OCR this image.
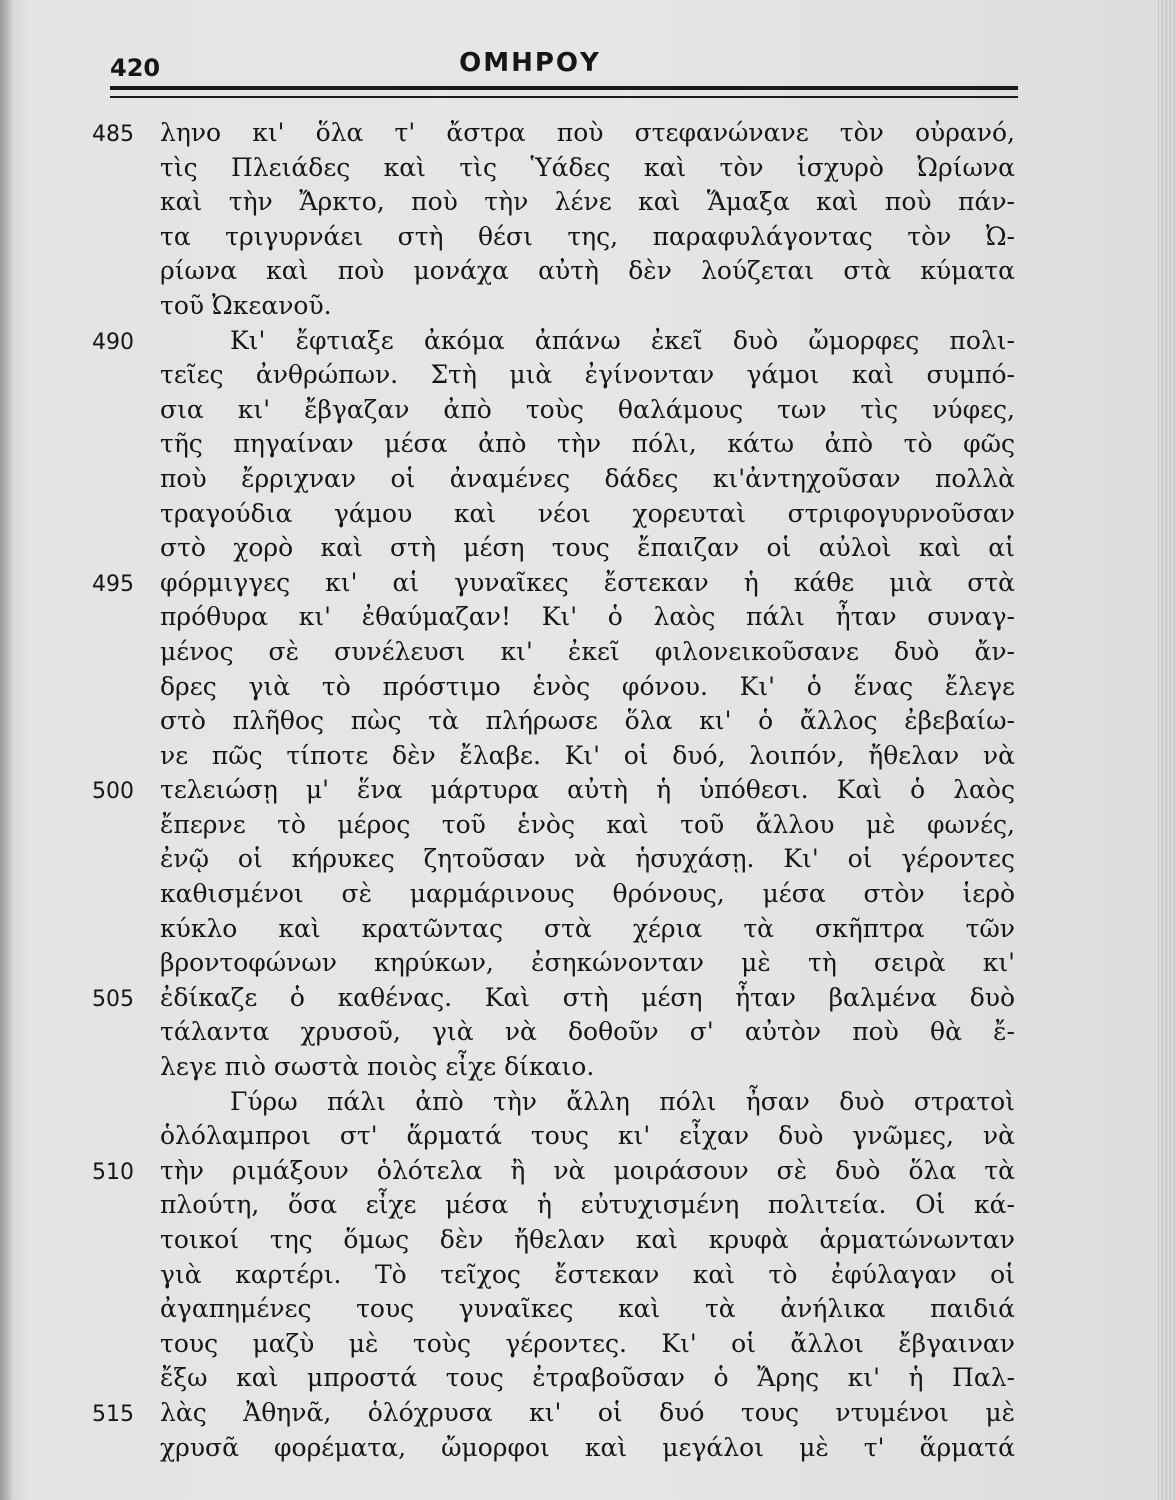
420	ΟΜΗΡΟΥ
485	ληνο κι' ὅλα τ' ἄστρα ποὺ στεφανώνανε τὸν οὐρανό,
τὶς Πλειάδες καὶ τὶς Ὑάδες καὶ τὸν ἰσχυρὸ Ὠρίωνα
καὶ τὴν Ἄρκτο, ποὺ τὴν λένε καὶ Ἅμαξα καὶ ποὺ πάν-
τα τριγυρνάει στὴ θέσι της, παραφυλάγοντας τὸν Ὠ-
ρίωνα καὶ ποὺ μονάχα αὐτὴ δὲν λούζεται στὰ κύματα
τοῦ Ὠκεανοῦ.
490	Κι' ἔφτιαξε ἀκόμα ἀπάνω ἐκεῖ δυὸ ὤμορφες πολι-
τεῖες ἀνθρώπων. Στὴ μιὰ ἐγίνονταν γάμοι καὶ συμπό-
σια κι' ἔβγαζαν ἀπὸ τοὺς θαλάμους των τὶς νύφες,
τῆς πηγαίναν μέσα ἀπὸ τὴν πόλι, κάτω ἀπὸ τὸ φῶς
ποὺ ἔρριχναν οἱ ἀναμένες δάδες κι'ἀντηχοῦσαν πολλὰ
τραγούδια γάμου καὶ νέοι χορευταὶ στριφογυρνοῦσαν
στὸ χορὸ καὶ στὴ μέση τους ἔπαιζαν οἱ αὐλοὶ καὶ αἱ
495	φόρμιγγες κι' αἱ γυναῖκες ἔστεκαν ἡ κάθε μιὰ στὰ
πρόθυρα κι' ἐθαύμαζαν! Κι' ὁ λαὸς πάλι ἦταν συναγ-
μένος σὲ συνέλευσι κι' ἐκεῖ φιλονεικοῦσανε δυὸ ἄν-
δρες γιὰ τὸ πρόστιμο ἑνὸς φόνου. Κι' ὁ ἕνας ἔλεγε
στὸ πλῆθος πὼς τὰ πλήρωσε ὅλα κι' ὁ ἄλλος ἐβεβαίω-
νε πῶς τίποτε δὲν ἔλαβε. Κι' οἱ δυό, λοιπόν, ἤθελαν νὰ
500	τελειώσῃ μ' ἕνα μάρτυρα αὐτὴ ἡ ὑπόθεσι. Καὶ ὁ λαὸς
ἔπερνε τὸ μέρος τοῦ ἑνὸς καὶ τοῦ ἄλλου μὲ φωνές,
ἐνῷ οἱ κήρυκες ζητοῦσαν νὰ ἡσυχάσῃ. Κι' οἱ γέροντες
καθισμένοι σὲ μαρμάρινους θρόνους, μέσα στὸν ἱερὸ
κύκλο καὶ κρατῶντας στὰ χέρια τὰ σκῆπτρα τῶν
βροντοφώνων κηρύκων, ἐσηκώνονταν μὲ τὴ σειρὰ κι'
505	ἐδίκαζε ὁ καθένας. Καὶ στὴ μέση ἦταν βαλμένα δυὸ
τάλαντα χρυσοῦ, γιὰ νὰ δοθοῦν σ' αὐτὸν ποὺ θὰ ἔ-
λεγε πιὸ σωστὰ ποιὸς εἶχε δίκαιο.
Γύρω πάλι ἀπὸ τὴν ἄλλη πόλι ἦσαν δυὸ στρατοὶ
ὁλόλαμπροι στ' ἅρματά τους κι' εἶχαν δυὸ γνῶμες, νὰ
510	τὴν ριμάξουν ὁλότελα ἢ νὰ μοιράσουν σὲ δυὸ ὅλα τὰ
πλούτη, ὅσα εἶχε μέσα ἡ εὐτυχισμένη πολιτεία. Οἱ κά-
τοικοί της ὅμως δὲν ἤθελαν καὶ κρυφὰ ἁρματώνωνταν
γιὰ καρτέρι. Τὸ τεῖχος ἔστεκαν καὶ τὸ ἐφύλαγαν οἱ
ἀγαπημένες τους γυναῖκες καὶ τὰ ἀνήλικα παιδιά
τους μαζὺ μὲ τοὺς γέροντες. Κι' οἱ ἄλλοι ἔβγαιναν
ἔξω καὶ μπροστά τους ἐτραβοῦσαν ὁ Ἄρης κι' ἡ Παλ-
515	λὰς Ἀθηνᾶ, ὁλόχρυσα κι' οἱ δυό τους ντυμένοι μὲ
χρυσᾶ φορέματα, ὤμορφοι καὶ μεγάλοι μὲ τ' ἅρματά
